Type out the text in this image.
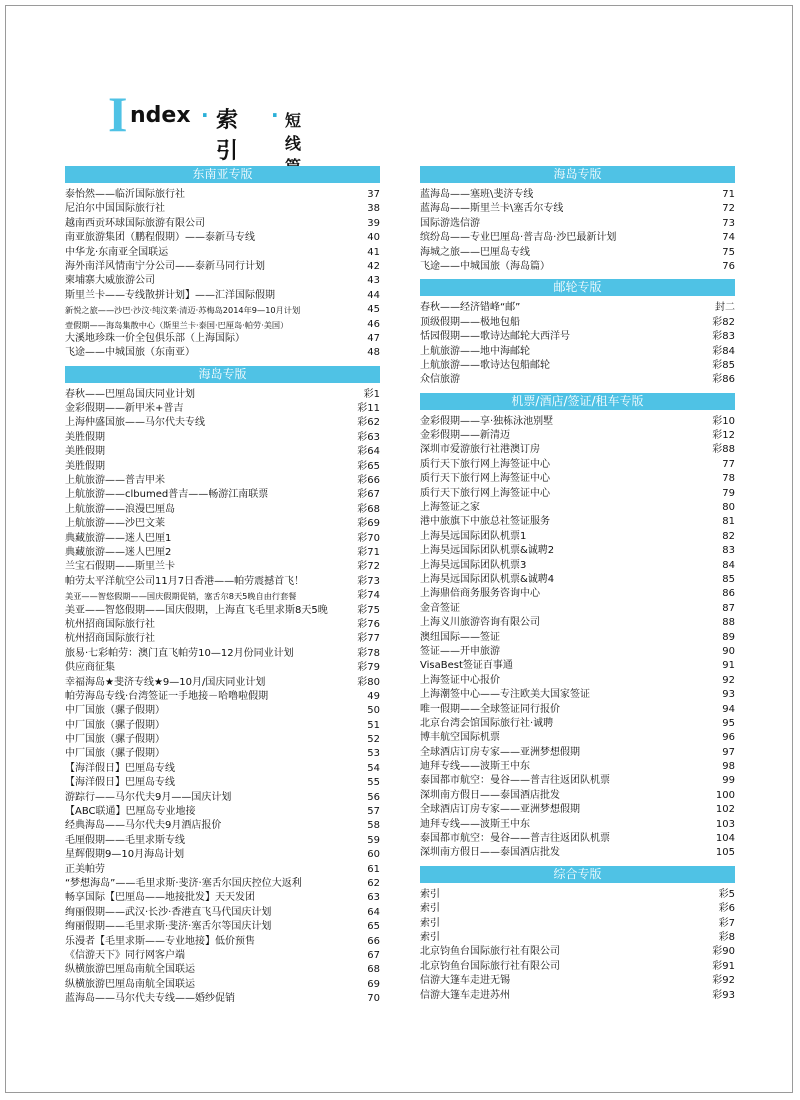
I ndex · 索 引
· 短线
东南亚专版
泰怡然——临沂国际旅行社	37
尼泊尔中国国际旅行社	38
越南西贡环球国际旅游有限公司	39
南亚旅游集团（鹏程假期）——泰新马专线	40
中华龙·东南亚全国联运	41
海外南洋风情南宁分公司——泰新马同行计划	42
柬埔寨大威旅游公司	43
斯里兰卡——专线散拼计划】——汇洋国际假期	44
新悦之旅——沙巴·沙汶·纯汶莱·清迈·苏梅岛2014年9—10月计划	45
壹假期——海岛集散中心（斯里兰卡·泰国·巴厘岛·帕劳·美国）	46
大溪地珍珠一价全包俱乐部（上海国际）	47
飞途——中城国旅（东南亚）	48
海岛专版
春秋——巴厘岛国庆同业计划	彩1
金彩假期——新甲米+普吉	彩11
上海仲盛国旅——马尔代夫专线	彩62
美胜假期	彩63
美胜假期	彩64
美胜假期	彩65
上航旅游——普吉甲米	彩66
上航旅游——clbumed普吉——畅游江南联票	彩67
上航旅游——浪漫巴厘岛	彩68
上航旅游——沙巴文莱	彩69
典藏旅游——迷人巴厘1	彩70
典藏旅游——迷人巴厘2	彩71
兰宝石假期——斯里兰卡	彩72
帕劳太平洋航空公司11月7日香港——帕劳震撼首飞！	彩73
美亚——智悠假期——国庆假期促销，塞舌尔8天5晚自由行套餐	彩74
美亚——智悠假期——国庆假期，上海直飞毛里求斯8天5晚	彩75
杭州招商国际旅行社	彩76
杭州招商国际旅行社	彩77
旅易·七彩帕劳：澳门直飞帕劳10—12月份同业计划	彩78
供应商征集	彩79
幸福海岛★斐济专线★9—10月/国庆同业计划	彩80
帕劳海岛专线·台湾签证一手地接－哈噜啦假期	49
中厂国旅（骡子假期）	50
中厂国旅（骡子假期）	51
中厂国旅（骡子假期）	52
中厂国旅（骡子假期）	53
【海洋假日】巴厘岛专线	54
【海洋假日】巴厘岛专线	55
游踪行——马尔代夫9月——国庆计划	56
【ABC联通】巴厘岛专业地接	57
经典海岛——马尔代夫9月酒店报价	58
毛厘假期——毛里求斯专线	59
星辉假期9—10月海岛计划	60
正美帕劳	61
“梦想海岛”——毛里求斯·斐济·塞舌尔国庆控位大返利	62
畅享国际【巴厘岛——地接批发】天天发团	63
绚丽假期——武汉·长沙·香港直飞马代国庆计划	64
绚丽假期——毛里求斯·斐济·塞舌尔等国庆计划	65
乐漫者【毛里求斯——专业地接】低价预售	66
《信游天下》同行网客户端	67
纵横旅游巴厘岛南航全国联运	68
纵横旅游巴厘岛南航全国联运	69
蓝海岛——马尔代夫专线——婚纱促销	70
海岛专版
蓝海岛——塞班\斐济专线	71
蓝海岛——斯里兰卡\塞舌尔专线	72
国际游选信游	73
缤纷岛——专业巴厘岛·普吉岛·沙巴最新计划	74
海城之旅——巴厘岛专线	75
飞途——中城国旅（海岛篇）	76
邮轮专版
春秋——经济错峰“邮”	封二
顶级假期——极地包船	彩82
恬园假期——歌诗达邮轮大西洋号	彩83
上航旅游——地中海邮轮	彩84
上航旅游——歌诗达包船邮轮	彩85
众信旅游	彩86
机票/酒店/签证/租车专版
金彩假期——享·独栋泳池别墅	彩10
金彩假期——新清迈	彩12
深圳市爱游旅行社港澳订房	彩88
质行天下旅行网上海签证中心	77
质行天下旅行网上海签证中心	78
质行天下旅行网上海签证中心	79
上海签证之家	80
港中旅旗下中旅总社签证服务	81
上海昊远国际团队机票1	82
上海昊远国际团队机票&诚聘2	83
上海昊远国际团队机票3	84
上海昊远国际团队机票&诚聘4	85
上海鼎倍商务服务咨询中心	86
金音签证	87
上海义川旅游咨询有限公司	88
澳纽国际——签证	89
签证——开申旅游	90
VisaBest签证百事通	91
上海签证中心报价	92
上海潮签中心——专注欧美大国家签证	93
唯一假期——全球签证同行报价	94
北京台湾会馆国际旅行社·诚聘	95
博丰航空国际机票	96
全球酒店订房专家——亚洲梦想假期	97
迪拜专线——波斯王中东	98
泰国都市航空：曼谷——普吉往返团队机票	99
深圳南方假日——泰国酒店批发	100
全球酒店订房专家——亚洲梦想假期	102
迪拜专线——波斯王中东	103
泰国都市航空：曼谷——普吉往返团队机票	104
深圳南方假日——泰国酒店批发	105
综合专版
索引	彩5
索引	彩6
索引	彩7
索引	彩8
北京钧鱼台国际旅行社有限公司	彩90
北京钧鱼台国际旅行社有限公司	彩91
信游大篷车走进无锡	彩92
信游大篷车走进苏州	彩93
